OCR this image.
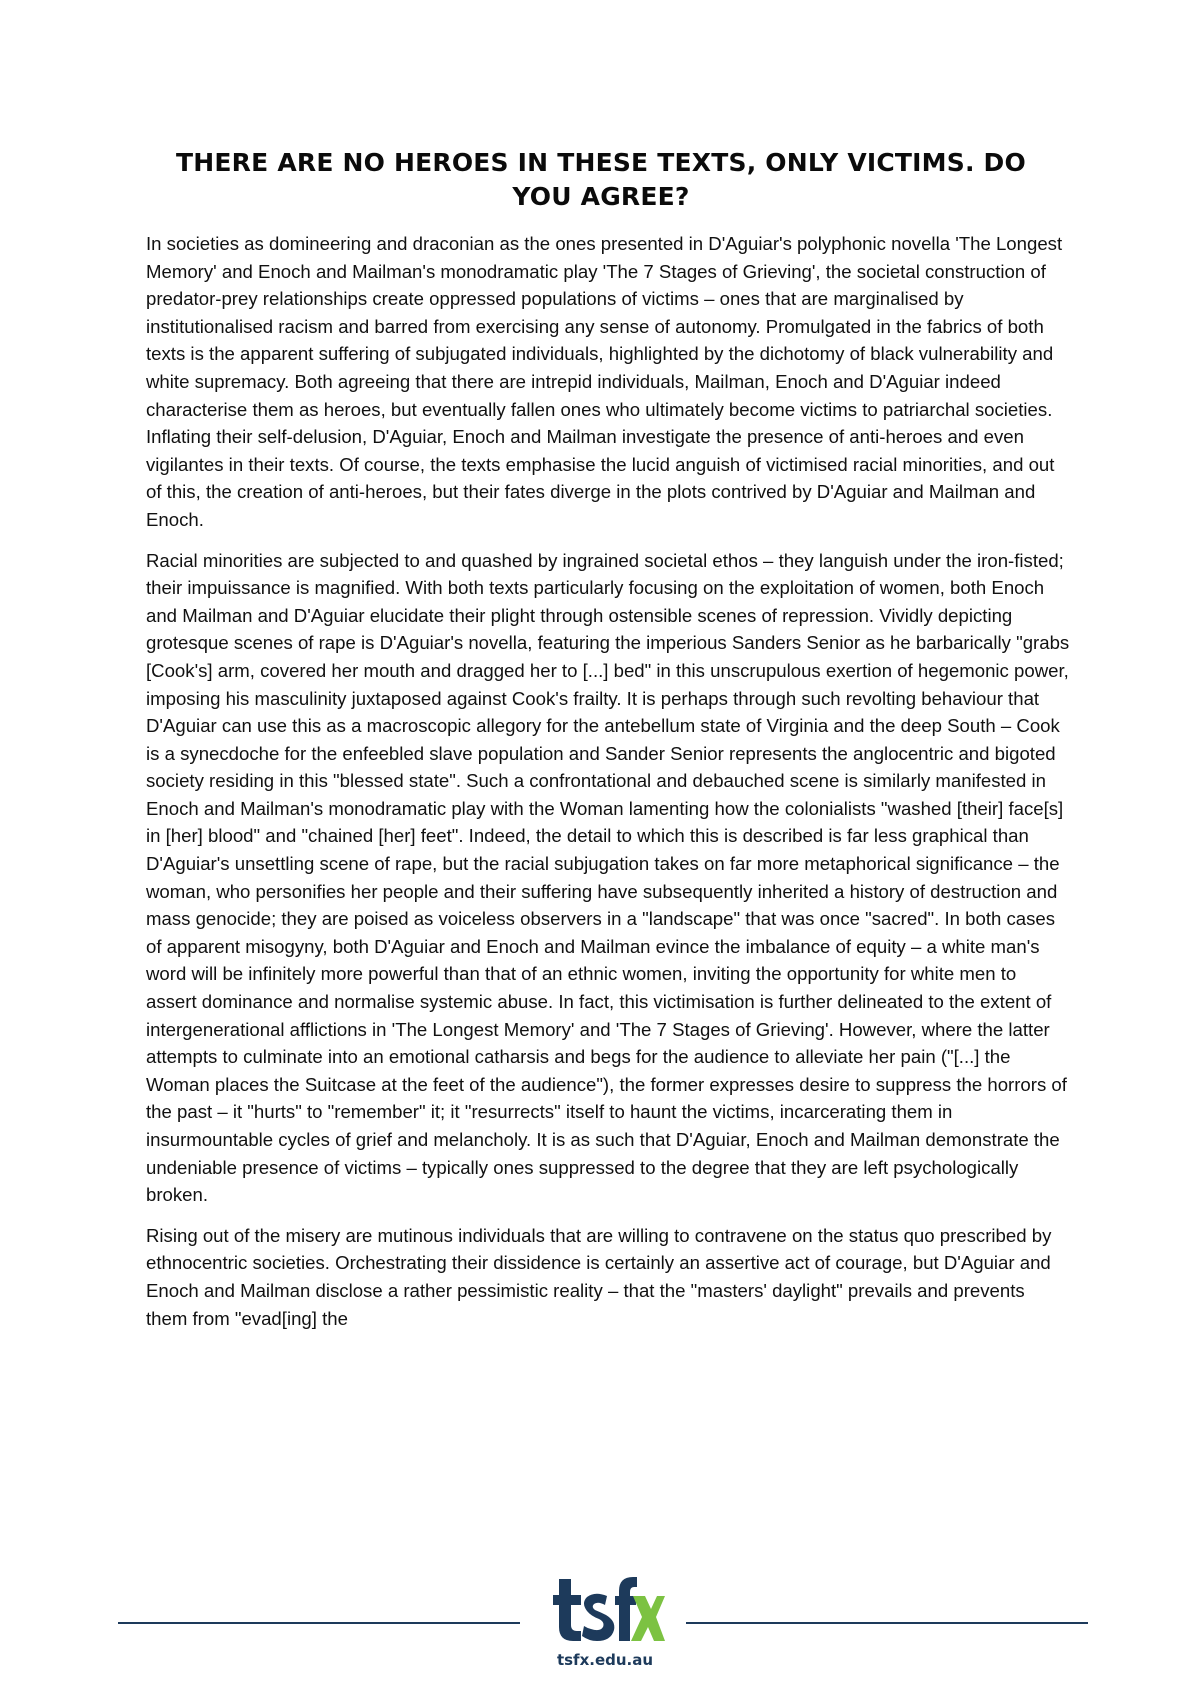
THERE ARE NO HEROES IN THESE TEXTS, ONLY VICTIMS. DO YOU AGREE?

In societies as domineering and draconian as the ones presented in D'Aguiar's polyphonic novella 'The Longest Memory' and Enoch and Mailman's monodramatic play 'The 7 Stages of Grieving', the societal construction of predator-prey relationships create oppressed populations of victims – ones that are marginalised by institutionalised racism and barred from exercising any sense of autonomy. Promulgated in the fabrics of both texts is the apparent suffering of subjugated individuals, highlighted by the dichotomy of black vulnerability and white supremacy. Both agreeing that there are intrepid individuals, Mailman, Enoch and D'Aguiar indeed characterise them as heroes, but eventually fallen ones who ultimately become victims to patriarchal societies. Inflating their self-delusion, D'Aguiar, Enoch and Mailman investigate the presence of anti-heroes and even vigilantes in their texts. Of course, the texts emphasise the lucid anguish of victimised racial minorities, and out of this, the creation of anti-heroes, but their fates diverge in the plots contrived by D'Aguiar and Mailman and Enoch.

Racial minorities are subjected to and quashed by ingrained societal ethos – they languish under the iron-fisted; their impuissance is magnified. With both texts particularly focusing on the exploitation of women, both Enoch and Mailman and D'Aguiar elucidate their plight through ostensible scenes of repression. Vividly depicting grotesque scenes of rape is D'Aguiar's novella, featuring the imperious Sanders Senior as he barbarically "grabs [Cook's] arm, covered her mouth and dragged her to [...] bed" in this unscrupulous exertion of hegemonic power, imposing his masculinity juxtaposed against Cook's frailty. It is perhaps through such revolting behaviour that D'Aguiar can use this as a macroscopic allegory for the antebellum state of Virginia and the deep South – Cook is a synecdoche for the enfeebled slave population and Sander Senior represents the anglocentric and bigoted society residing in this "blessed state". Such a confrontational and debauched scene is similarly manifested in Enoch and Mailman's monodramatic play with the Woman lamenting how the colonialists "washed [their] face[s] in [her] blood" and "chained [her] feet". Indeed, the detail to which this is described is far less graphical than D'Aguiar's unsettling scene of rape, but the racial subjugation takes on far more metaphorical significance – the woman, who personifies her people and their suffering have subsequently inherited a history of destruction and mass genocide; they are poised as voiceless observers in a "landscape" that was once "sacred". In both cases of apparent misogyny, both D'Aguiar and Enoch and Mailman evince the imbalance of equity – a white man's word will be infinitely more powerful than that of an ethnic women, inviting the opportunity for white men to assert dominance and normalise systemic abuse. In fact, this victimisation is further delineated to the extent of intergenerational afflictions in 'The Longest Memory' and 'The 7 Stages of Grieving'. However, where the latter attempts to culminate into an emotional catharsis and begs for the audience to alleviate her pain ("[...] the Woman places the Suitcase at the feet of the audience"), the former expresses desire to suppress the horrors of the past – it "hurts" to "remember" it; it "resurrects" itself to haunt the victims, incarcerating them in insurmountable cycles of grief and melancholy. It is as such that D'Aguiar, Enoch and Mailman demonstrate the undeniable presence of victims – typically ones suppressed to the degree that they are left psychologically broken.

Rising out of the misery are mutinous individuals that are willing to contravene on the status quo prescribed by ethnocentric societies. Orchestrating their dissidence is certainly an assertive act of courage, but D'Aguiar and Enoch and Mailman disclose a rather pessimistic reality – that the "masters' daylight" prevails and prevents them from "evad[ing] the

tsfx.edu.au
